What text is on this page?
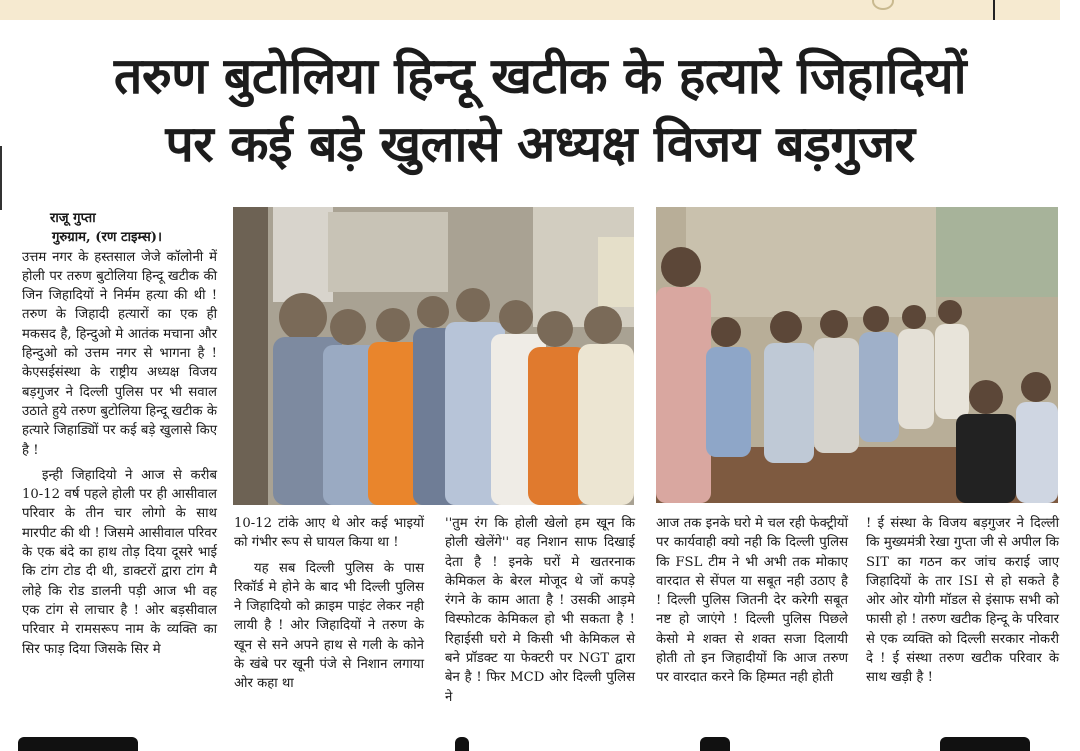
तरुण बुटोलिया हिन्दू खटीक के हत्यारे जिहादियों
पर कई बड़े खुलासे अध्यक्ष विजय बड़गुजर
राजू गुप्ता
गुरुग्राम, (रण टाइम्स)।

उत्तम नगर के हस्तसाल जेजे कॉलोनी में होली पर तरुण बुटोलिया हिन्दू खटीक की जिन जिहादियों ने निर्मम हत्या की थी ! तरुण के जिहादी हत्यारों का एक ही मकसद है, हिन्दुओ मे आतंक मचाना और हिन्दुओ को उत्तम नगर से भागना है ! केएसईसंस्था के राष्ट्रीय अध्यक्ष विजय बड़गुजर ने दिल्ली पुलिस पर भी सवाल उठाते हुये तरुण बुटोलिया हिन्दू खटीक के हत्यारे जिहाड्यिों पर कई बड़े खुलासे किए है !

इन्ही जिहादियो ने आज से करीब 10-12 वर्ष पहले होली पर ही आसीवाल परिवार के तीन चार लोगो के साथ मारपीट की थी ! जिसमे आसीवाल परिवर के एक बंदे का हाथ तोड़ दिया दूसरे भाई कि टांग टोड दी थी, डाक्टरों द्वारा टांग मै लोहे कि रोड डालनी पड़ी आज भी वह एक टांग से लाचार है ! ओर बड़सीवाल परिवार मे रामसरूप नाम के व्यक्ति का सिर फाड़ दिया जिसके सिर मे

10-12 टांके आए थे ओर कई भाइयों को गंभीर रूप से घायल किया था !

यह सब दिल्ली पुलिस के पास रिकॉर्ड मे होने के बाद भी दिल्ली पुलिस ने जिहादियो को क्राइम पाइंट लेकर नही लायी है ! ओर जिहादियों ने तरुण के खून से सने अपने हाथ से गली के कोने के खंबे पर खूनी पंजे से निशान लगाया ओर कहा था

''तुम रंग कि होली खेलो हम खून कि होली खेलेंगे'' वह निशान साफ दिखाई देता है ! इनके घरों मे खतरनाक केमिकल के बेरल मोजूद थे जों कपड़े रंगने के काम आता है ! उसकी आड़मे विस्फोटक केमिकल हो भी सकता है ! रिहाईसी घरो मे किसी भी केमिकल से बने प्रॉडक्ट या फेक्टरी पर NGT द्वारा बेन है ! फिर MCD ओर दिल्ली पुलिस ने

आज तक इनके घरो मे चल रही फेक्ट्रीयों पर कार्यवाही क्यो नही कि दिल्ली पुलिस कि FSL टीम ने भी अभी तक मोकाए वारदात से सेंपल या सबूत नही उठाए है ! दिल्ली पुलिस जितनी देर करेगी सबूत नष्ट हो जाएंगे ! दिल्ली पुलिस पिछले केसो मे शक्त से शक्त सजा दिलायी होती तो इन जिहादीयों कि आज तरुण पर वारदात करने कि हिम्मत नही होती

! ई संस्था के विजय बड़गुजर ने दिल्ली कि मुख्यमंत्री रेखा गुप्ता जी से अपील कि SIT का गठन कर जांच कराई जाए जिहादियों के तार ISI से हो सकते है ओर ओर योगी मॉडल से इंसाफ सभी को फासी हो ! तरुण खटीक हिन्दू के परिवार से एक व्यक्ति को दिल्ली सरकार नोकरी दे ! ई संस्था तरुण खटीक परिवार के साथ खड़ी है !
